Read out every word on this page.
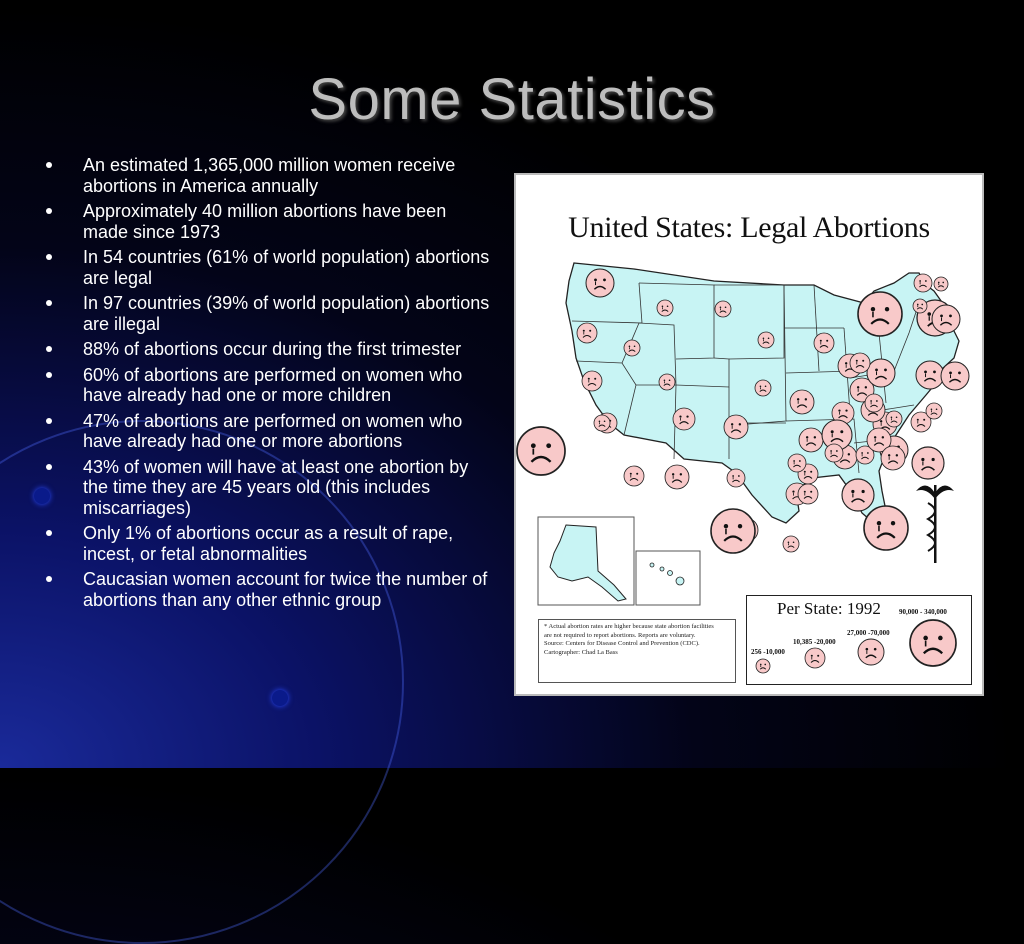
Some Statistics
An estimated 1,365,000 million women receive abortions in America annually
Approximately 40 million abortions have been made since 1973
In 54 countries (61% of world population) abortions are legal
In 97 countries (39% of world population) abortions are illegal
88% of abortions occur during the first trimester
60% of abortions are performed on women who have already had one or more children
47% of abortions are performed on women who have already had one or more abortions
43% of women will have at least one abortion by the time they are 45 years old (this includes miscarriages)
Only 1% of abortions occur as a result of rape, incest, or fetal abnormalities
Caucasian women account for twice the number of abortions than any other ethnic group
United States: Legal Abortions
* Actual abortion rates are higher because state abortion facilities
are not required to report abortions. Reports are voluntary.
Source: Centers for Disease Control and Prevention (CDC).
Cartographer: Chad La Bass
Per State: 1992
256 -10,000
10,385 -20,000
27,000 -70,000
90,000 - 340,000
